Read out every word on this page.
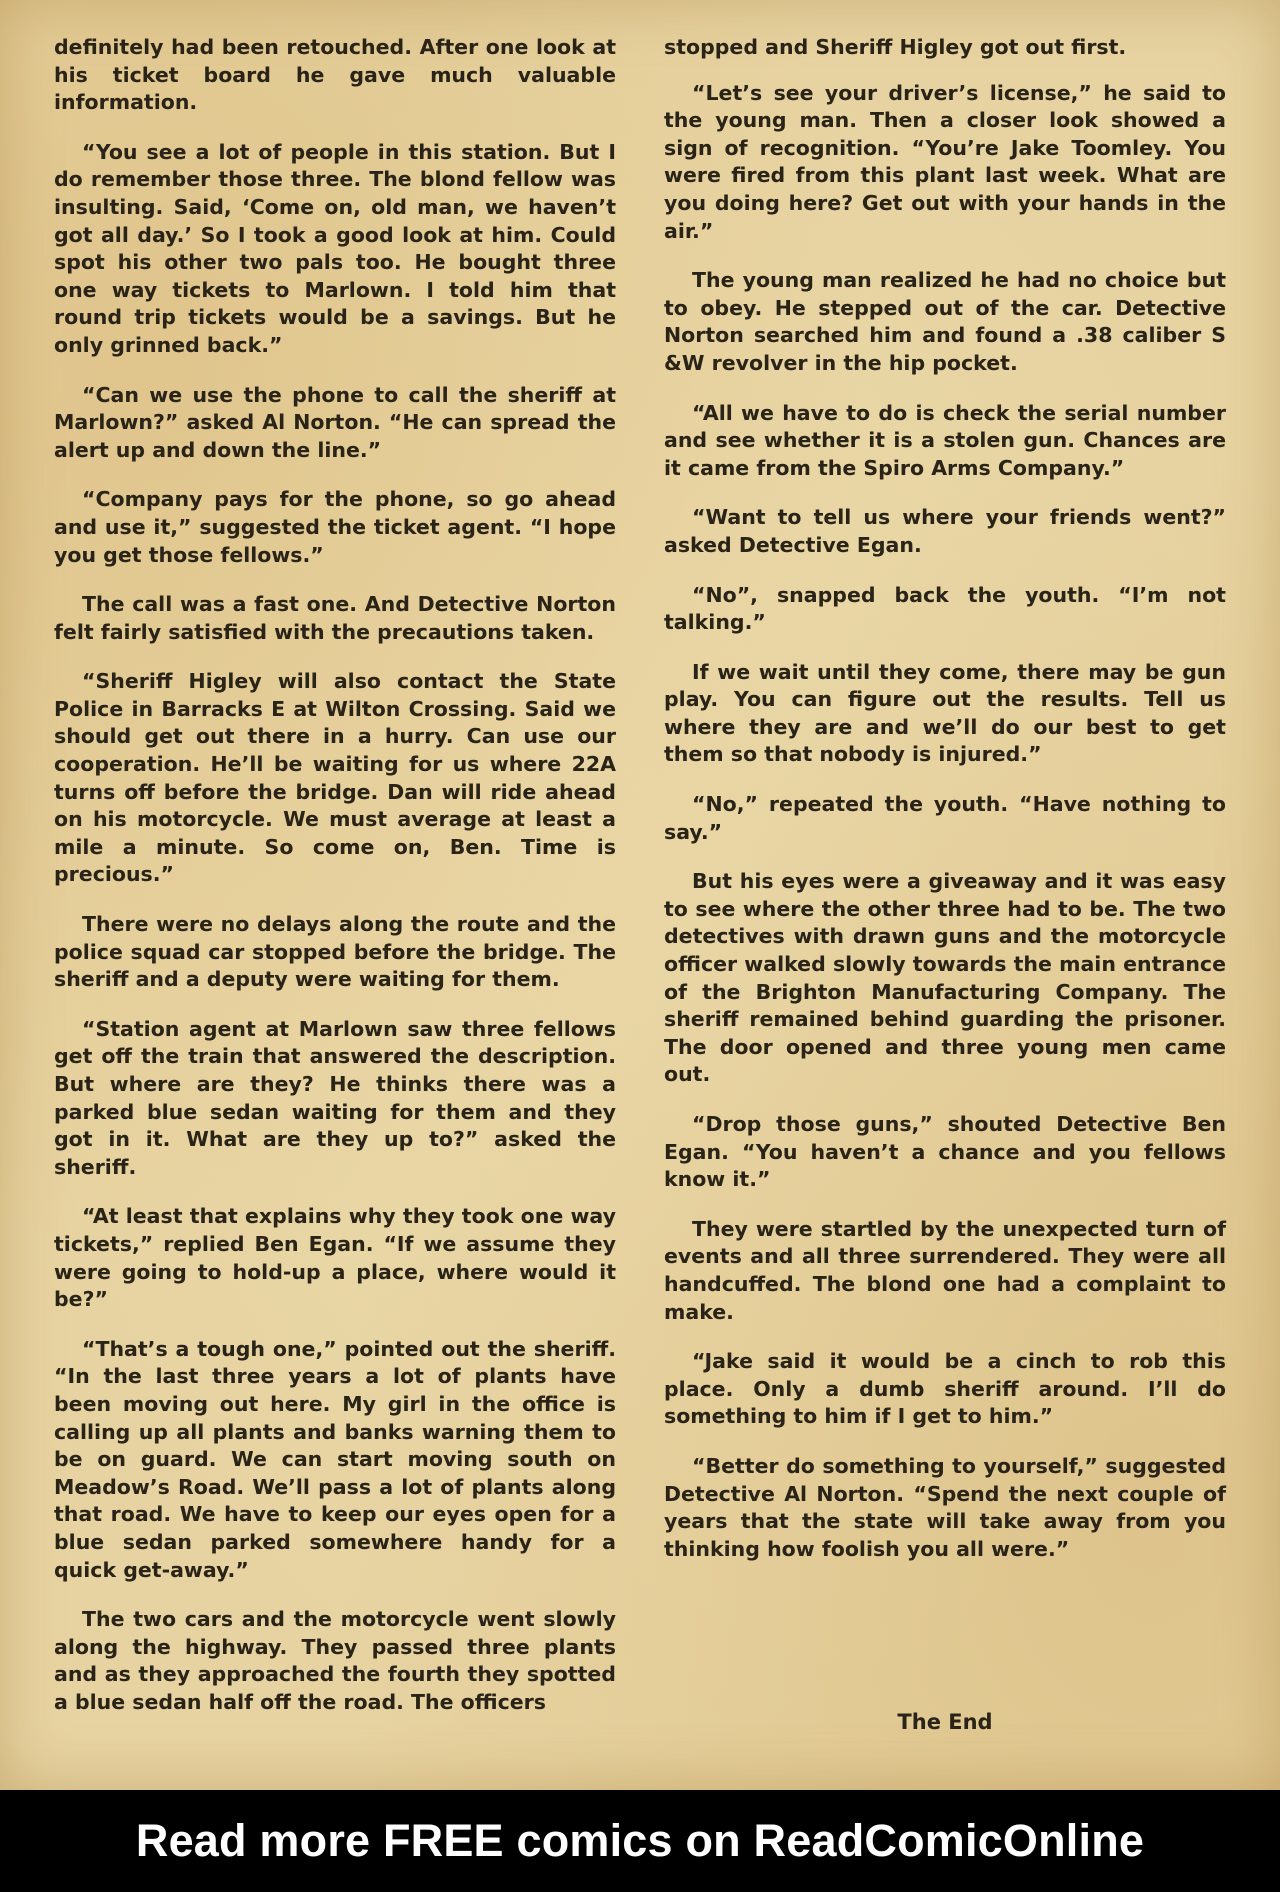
definitely had been retouched. After one look at his ticket board he gave much valuable information.

“You see a lot of people in this station. But I do remember those three. The blond fellow was insulting. Said, ‘Come on, old man, we haven’t got all day.’ So I took a good look at him. Could spot his other two pals too. He bought three one way tickets to Marlown. I told him that round trip tickets would be a savings. But he only grinned back.”

“Can we use the phone to call the sheriff at Marlown?” asked Al Norton. “He can spread the alert up and down the line.”

“Company pays for the phone, so go ahead and use it,” suggested the ticket agent. “I hope you get those fellows.”

The call was a fast one. And Detective Norton felt fairly satisfied with the precautions taken.

“Sheriff Higley will also contact the State Police in Barracks E at Wilton Crossing. Said we should get out there in a hurry. Can use our cooperation. He’ll be waiting for us where 22A turns off before the bridge. Dan will ride ahead on his motorcycle. We must average at least a mile a minute. So come on, Ben. Time is precious.”

There were no delays along the route and the police squad car stopped before the bridge. The sheriff and a deputy were waiting for them.

“Station agent at Marlown saw three fellows get off the train that answered the description. But where are they? He thinks there was a parked blue sedan waiting for them and they got in it. What are they up to?” asked the sheriff.

“At least that explains why they took one way tickets,” replied Ben Egan. “If we assume they were going to hold-up a place, where would it be?”

“That’s a tough one,” pointed out the sheriff. “In the last three years a lot of plants have been moving out here. My girl in the office is calling up all plants and banks warning them to be on guard. We can start moving south on Meadow’s Road. We’ll pass a lot of plants along that road. We have to keep our eyes open for a blue sedan parked somewhere handy for a quick get-away.”

The two cars and the motorcycle went slowly along the highway. They passed three plants and as they approached the fourth they spotted a blue sedan half off the road. The officers

stopped and Sheriff Higley got out first.

“Let’s see your driver’s license,” he said to the young man. Then a closer look showed a sign of recognition. “You’re Jake Toomley. You were fired from this plant last week. What are you doing here? Get out with your hands in the air.”

The young man realized he had no choice but to obey. He stepped out of the car. Detective Norton searched him and found a .38 caliber S &W revolver in the hip pocket.

“All we have to do is check the serial number and see whether it is a stolen gun. Chances are it came from the Spiro Arms Company.”

“Want to tell us where your friends went?” asked Detective Egan.

“No”, snapped back the youth. “I’m not talking.”

If we wait until they come, there may be gun play. You can figure out the results. Tell us where they are and we’ll do our best to get them so that nobody is injured.”

“No,” repeated the youth. “Have nothing to say.”

But his eyes were a giveaway and it was easy to see where the other three had to be. The two detectives with drawn guns and the motorcycle officer walked slowly towards the main entrance of the Brighton Manufacturing Company. The sheriff remained behind guarding the prisoner. The door opened and three young men came out.

“Drop those guns,” shouted Detective Ben Egan. “You haven’t a chance and you fellows know it.”

They were startled by the unexpected turn of events and all three surrendered. They were all handcuffed. The blond one had a complaint to make.

“Jake said it would be a cinch to rob this place. Only a dumb sheriff around. I’ll do something to him if I get to him.”

“Better do something to yourself,” suggested Detective Al Norton. “Spend the next couple of years that the state will take away from you thinking how foolish you all were.”

The End
Read more FREE comics on ReadComicOnline
